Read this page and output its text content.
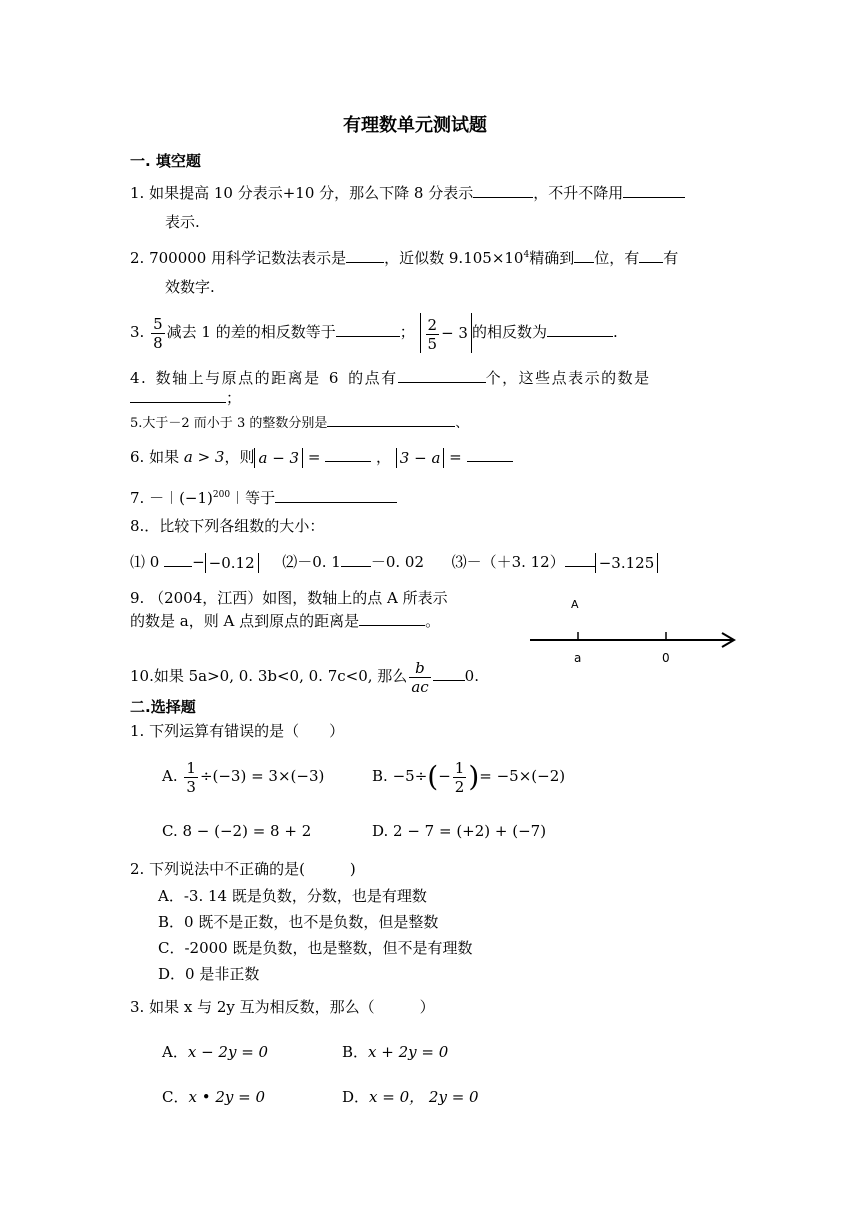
有理数单元测试题
一. 填空题
1. 如果提高 10 分表示+10 分，那么下降 8 分表示	，不升不降用
表示.
2. 700000 用科学记数法表示是	，近似数 $9.105\times 10^4$精确到 位，有 有
效数字.
3. $\frac{5}{8}$ 减去 1 的差的相反数等于	； $\frac{2}{5} - 3$ 的相反数为	.
4. 数轴上与原点的距离是 6 的点有	个，这些点表示的数是
；
5.大于－2 而小于 3 的整数分别是	、
6. 如果 a > 3，则 a − 3 =	， 3 − a =
7. $-︱(-1)^{200}︱$等于
8.．比较下列各组数的大小：
⑴ 0 − −0.12 ⑵－0. 1 －0. 02 ⑶－（＋3. 12） −3.125
9. （2004，江西）如图，数轴上的点 A 所表示
的数是 a，则 A 点到原点的距离是	。
A
a	0
10.如果 5a>0, 0. 3b<0, 0. 7c<0, 那么 $\frac{b}{ac} 0$.
二.选择题
1. 下列运算有错误的是（　　）
A. $\frac{1}{3} \div(-3) = 3\times(-3)$	B. $-5\div(- \frac{1}{2}$ )= −5×(−2)
C. 8 − (−2) = 8 + 2	D. 2 − 7 = (+2) + (−7)
2. 下列说法中不正确的是(　　　)
A．-3. 14 既是负数，分数，也是有理数
B．0 既不是正数，也不是负数，但是整数
C．-2000 既是负数，也是整数，但不是有理数
D．0 是非正数
3. 如果 x 与 2y 互为相反数，那么（　　　）
A．x − 2y = 0	B．x + 2y = 0
C．x • 2y = 0	D．x = 0， 2y = 0
